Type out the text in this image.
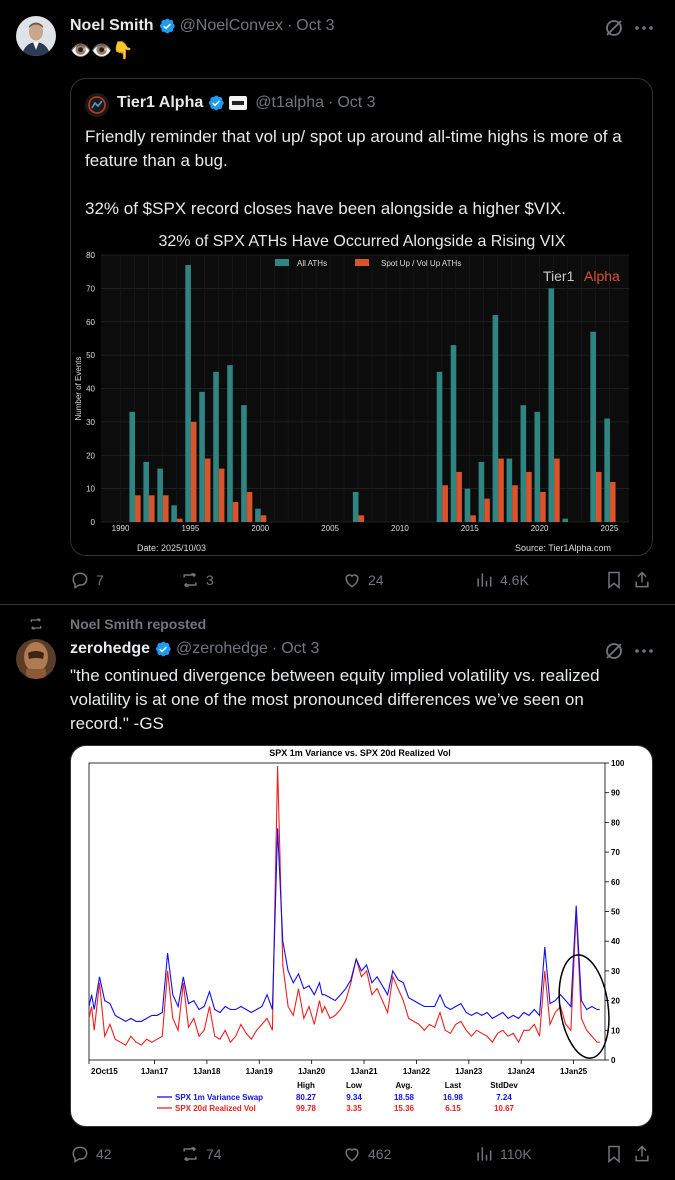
Noel Smith @NoelConvex · Oct 3
👁️👁️👇
Tier1 Alpha	@t1alpha · Oct 3
Friendly reminder that vol up/ spot up around all-time highs is more of a
feature than a bug.
32% of $SPX record closes have been alongside a higher $VIX.
0
10
20
30
40
50
60
70
80
1990	1995	2000	2005	2010	2015	2020	2025
32% of SPX ATHs Have Occurred Alongside a Rising VIX
All ATHs	Spot Up / Vol Up ATHs
Tier1 Alpha
Number of Events
Date: 2025/10/03	Source: Tier1Alpha.com
7	3	24	4.6K
Noel Smith reposted
zerohedge @zerohedge · Oct 3
"the continued divergence between equity implied volatility vs. realized
volatility is at one of the most pronounced differences we’ve seen on
record." -GS
SPX 1m Variance vs. SPX 20d Realized Vol
0
10
20
30
40
50
60
70
80
90
100
2Oct15	1Jan17	1Jan18	1Jan19	1Jan20	1Jan21	1Jan22	1Jan23	1Jan24	1Jan25
High	Low	Avg.	Last	StdDev
SPX 1m Variance Swap	80.27	9.34	18.58	16.98	7.24
SPX 20d Realized Vol	99.78	3.35	15.36	6.15	10.67
42	74	462	110K
